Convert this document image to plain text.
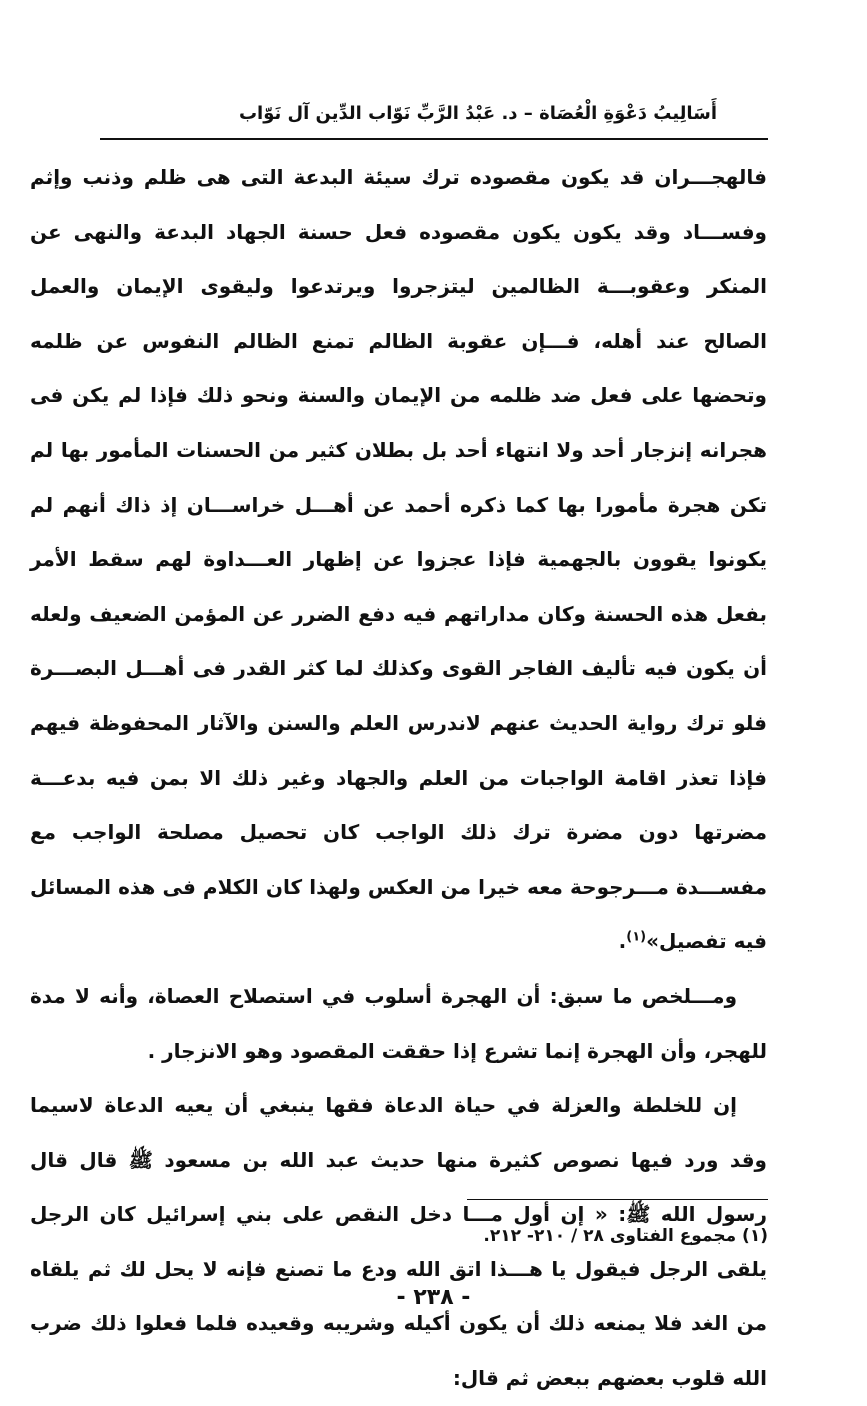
أَسَالِيبُ دَعْوَةِ الْعُصَاة – د. عَبْدُ الرَّبِّ نَوّاب الدِّين آل نَوّاب

فالهجـــران قد يكون مقصوده ترك سيئة البدعة التى هى ظلم وذنب وإثم وفســـاد وقد يكون يكون مقصوده فعل حسنة الجهاد البدعة والنهى عن المنكر وعقوبـــة الظالمين ليتزجروا ويرتدعوا وليقوى الإيمان والعمل الصالح عند أهله، فـــإن عقوبة الظالم تمنع الظالم النفوس عن ظلمه وتحضها على فعل ضد ظلمه من الإيمان والسنة ونحو ذلك فإذا لم يكن فى هجرانه إنزجار أحد ولا انتهاء أحد بل بطلان كثير من الحسنات المأمور بها لم تكن هجرة مأمورا بها كما ذكره أحمد عن أهـــل خراســـان إذ ذاك أنهم لم يكونوا يقوون بالجهمية فإذا عجزوا عن إظهار العـــداوة لهم سقط الأمر بفعل هذه الحسنة وكان مداراتهم فيه دفع الضرر عن المؤمن الضعيف ولعله أن يكون فيه تأليف الفاجر القوى وكذلك لما كثر القدر فى أهـــل البصـــرة فلو ترك رواية الحديث عنهم لاندرس العلم والسنن والآثار المحفوظة فيهم فإذا تعذر اقامة الواجبات من العلم والجهاد وغير ذلك الا بمن فيه بدعـــة مضرتها دون مضرة ترك ذلك الواجب كان تحصيل مصلحة الواجب مع مفســـدة مـــرجوحة معه خيرا من العكس ولهذا كان الكلام فى هذه المسائل فيه تفصيل»$^{(١)}$.

ومـــلخص ما سبق: أن الهجرة أسلوب في استصلاح العصاة، وأنه لا مدة للهجر، وأن الهجرة إنما تشرع إذا حققت المقصود وهو الانزجار .

إن للخلطة والعزلة في حياة الدعاة فقها ينبغي أن يعيه الدعاة لاسيما وقد ورد فيها نصوص كثيرة منها حديث عبد الله بن مسعود ﷺ قال قال رسول الله ﷺ: « إن أول مـــا دخل النقص على بني إسرائيل كان الرجل يلقى الرجل فيقول يا هـــذا اتق الله ودع ما تصنع فإنه لا يحل لك ثم يلقاه من الغد فلا يمنعه ذلك أن يكون أكيله وشريبه وقعيده فلما فعلوا ذلك ضرب الله قلوب بعضهم ببعض ثم قال:

(١) مجموع الفتاوى ٢٨ / ٢١٠- ٢١٢.
- ٢٣٨ -
